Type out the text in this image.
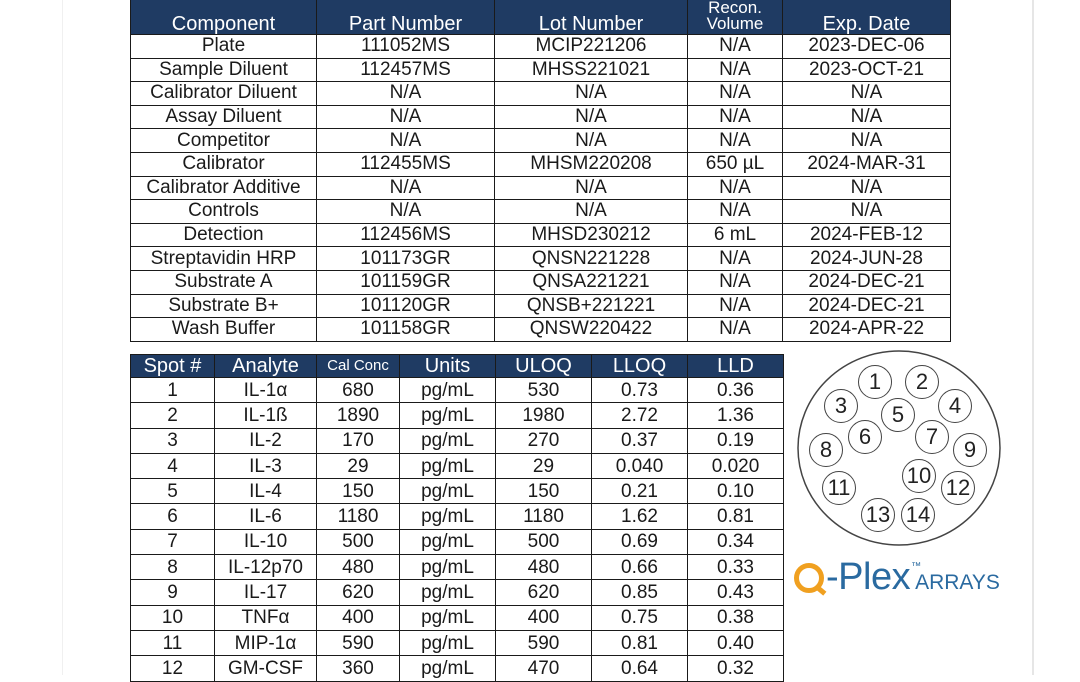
Component	Part Number	Lot Number	Recon. Volume	Exp. Date
Plate	111052MS	MCIP221206	N/A	2023-DEC-06
Sample Diluent	112457MS	MHSS221021	N/A	2023-OCT-21
Calibrator Diluent	N/A	N/A	N/A	N/A
Assay Diluent	N/A	N/A	N/A	N/A
Competitor	N/A	N/A	N/A	N/A
Calibrator	112455MS	MHSM220208	650 µL	2024-MAR-31
Calibrator Additive	N/A	N/A	N/A	N/A
Controls	N/A	N/A	N/A	N/A
Detection	112456MS	MHSD230212	6 mL	2024-FEB-12
Streptavidin HRP	101173GR	QNSN221228	N/A	2024-JUN-28
Substrate A	101159GR	QNSA221221	N/A	2024-DEC-21
Substrate B+	101120GR	QNSB+221221	N/A	2024-DEC-21
Wash Buffer	101158GR	QNSW220422	N/A	2024-APR-22
Spot #	Analyte	Cal Conc	Units	ULOQ	LLOQ	LLD
1	IL-1α	680	pg/mL	530	0.73	0.36
2	IL-1ß	1890	pg/mL	1980	2.72	1.36
3	IL-2	170	pg/mL	270	0.37	0.19
4	IL-3	29	pg/mL	29	0.040	0.020
5	IL-4	150	pg/mL	150	0.21	0.10
6	IL-6	1180	pg/mL	1180	1.62	0.81
7	IL-10	500	pg/mL	500	0.69	0.34
8	IL-12p70	480	pg/mL	480	0.66	0.33
9	IL-17	620	pg/mL	620	0.85	0.43
10	TNFα	400	pg/mL	400	0.75	0.38
11	MIP-1α	590	pg/mL	590	0.81	0.40
12	GM-CSF	360	pg/mL	470	0.64	0.32
1	2
3	4
5
6	7
8	9
10
11	12
13 14
-Plex ™
ARRAYS
